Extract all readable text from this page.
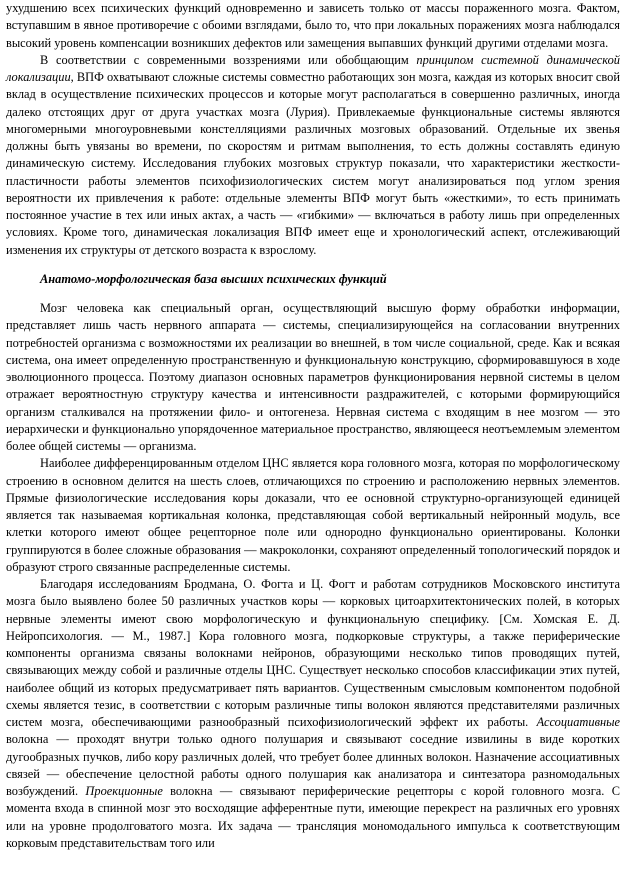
ухудшению всех психических функций одновременно и зависеть только от массы пораженного мозга. Фактом, вступавшим в явное противоречие с обоими взглядами, было то, что при локальных поражениях мозга наблюдался высокий уровень компенсации возникших дефектов или замещения выпавших функций другими отделами мозга.

В соответствии с современными воззрениями или обобщающим принципом системной динамической локализации, ВПФ охватывают сложные системы совместно работающих зон мозга, каждая из которых вносит свой вклад в осуществление психических процессов и которые могут располагаться в совершенно различных, иногда далеко отстоящих друг от друга участках мозга (Лурия). Привлекаемые функциональные системы являются многомерными многоуровневыми констелляциями различных мозговых образований. Отдельные их звенья должны быть увязаны во времени, по скоростям и ритмам выполнения, то есть должны составлять единую динамическую систему. Исследования глубоких мозговых структур показали, что характеристики жесткости-пластичности работы элементов психофизиологических систем могут анализироваться под углом зрения вероятности их привлечения к работе: отдельные элементы ВПФ могут быть «жесткими», то есть принимать постоянное участие в тех или иных актах, а часть — «гибкими» — включаться в работу лишь при определенных условиях. Кроме того, динамическая локализация ВПФ имеет еще и хронологический аспект, отслеживающий изменения их структуры от детского возраста к взрослому.

Анатомо-морфологическая база высших психических функций

Мозг человека как специальный орган, осуществляющий высшую форму обработки информации, представляет лишь часть нервного аппарата — системы, специализирующейся на согласовании внутренних потребностей организма с возможностями их реализации во внешней, в том числе социальной, среде. Как и всякая система, она имеет определенную пространственную и функциональную конструкцию, сформировавшуюся в ходе эволюционного процесса. Поэтому диапазон основных параметров функционирования нервной системы в целом отражает вероятностную структуру качества и интенсивности раздражителей, с которыми формирующийся организм сталкивался на протяжении фило- и онтогенеза. Нервная система с входящим в нее мозгом — это иерархически и функционально упорядоченное материальное пространство, являющееся неотъемлемым элементом более общей системы — организма.

Наиболее дифференцированным отделом ЦНС является кора головного мозга, которая по морфологическому строению в основном делится на шесть слоев, отличающихся по строению и расположению нервных элементов. Прямые физиологические исследования коры доказали, что ее основной структурно-организующей единицей является так называемая кортикальная колонка, представляющая собой вертикальный нейронный модуль, все клетки которого имеют общее рецепторное поле или однородно функционально ориентированы. Колонки группируются в более сложные образования — макроколонки, сохраняют определенный топологический порядок и образуют строго связанные распределенные системы.

Благодаря исследованиям Бродмана, О. Фогта и Ц. Фогт и работам сотрудников Московского института мозга было выявлено более 50 различных участков коры — корковых цитоархитектонических полей, в которых нервные элементы имеют свою морфологическую и функциональную специфику. [См. Хомская Е. Д. Нейропсихология. — М., 1987.] Кора головного мозга, подкорковые структуры, а также периферические компоненты организма связаны волокнами нейронов, образующими несколько типов проводящих путей, связывающих между собой и различные отделы ЦНС. Существует несколько способов классификации этих путей, наиболее общий из которых предусматривает пять вариантов. Существенным смысловым компонентом подобной схемы является тезис, в соответствии с которым различные типы волокон являются представителями различных систем мозга, обеспечивающими разнообразный психофизиологический эффект их работы. Ассоциативные волокна — проходят внутри только одного полушария и связывают соседние извилины в виде коротких дугообразных пучков, либо кору различных долей, что требует более длинных волокон. Назначение ассоциативных связей — обеспечение целостной работы одного полушария как анализатора и синтезатора разномодальных возбуждений. Проекционные волокна — связывают периферические рецепторы с корой головного мозга. С момента входа в спинной мозг это восходящие афферентные пути, имеющие перекрест на различных его уровнях или на уровне продолговатого мозга. Их задача — трансляция мономодального импульса к соответствующим корковым представительствам того или
